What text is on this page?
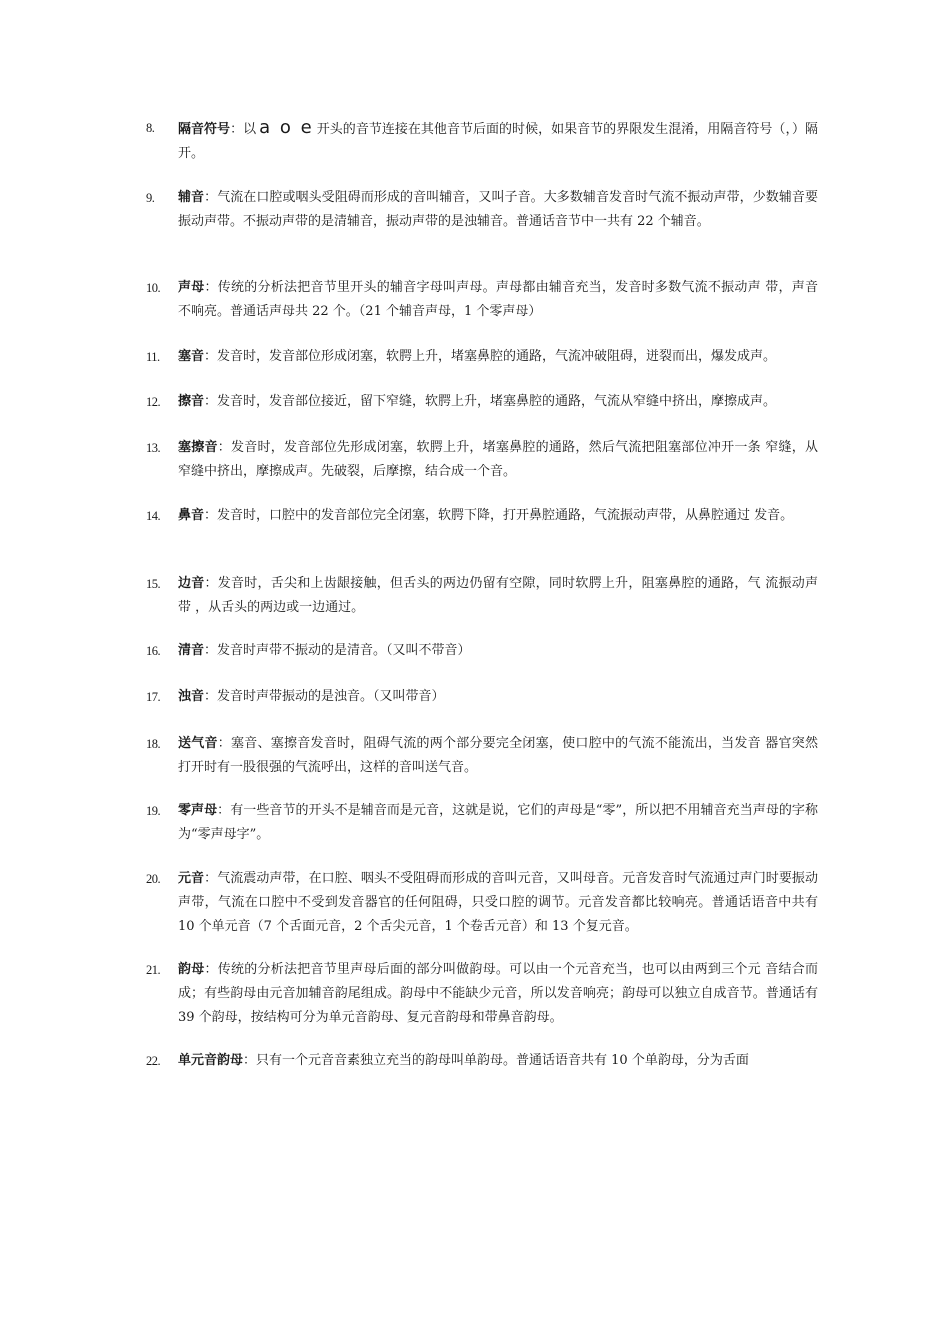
8.	隔音符号：以 a o e 开头的音节连接在其他音节后面的时候，如果音节的界限发生混淆，用隔音符号（，）隔开。
9.	辅音：气流在口腔或咽头受阻碍而形成的音叫辅音，又叫子音。大多数辅音发音时气流不振动声带，少数辅音要振动声带。不振动声带的是清辅音，振动声带的是浊辅音。普通话音节中一共有 22 个辅音。
10.	声母：传统的分析法把音节里开头的辅音字母叫声母。声母都由辅音充当，发音时多数气流不振动声 带，声音不响亮。普通话声母共 22 个。（21 个辅音声母，1 个零声母）
11.	塞音：发音时，发音部位形成闭塞，软腭上升，堵塞鼻腔的通路，气流冲破阻碍，迸裂而出，爆发成声。
12.	擦音：发音时，发音部位接近，留下窄缝，软腭上升，堵塞鼻腔的通路，气流从窄缝中挤出，摩擦成声。
13.	塞擦音：发音时，发音部位先形成闭塞，软腭上升，堵塞鼻腔的通路，然后气流把阻塞部位冲开一条 窄缝，从窄缝中挤出，摩擦成声。先破裂，后摩擦，结合成一个音。
14.	鼻音：发音时，口腔中的发音部位完全闭塞，软腭下降，打开鼻腔通路，气流振动声带，从鼻腔通过 发音。
15.	边音：发音时，舌尖和上齿龈接触，但舌头的两边仍留有空隙，同时软腭上升，阻塞鼻腔的通路，气 流振动声带 ，从舌头的两边或一边通过。
16.	清音：发音时声带不振动的是清音。（又叫不带音）
17.	浊音：发音时声带振动的是浊音。（又叫带音）
18.	送气音：塞音、塞擦音发音时，阻碍气流的两个部分要完全闭塞，使口腔中的气流不能流出，当发音 器官突然打开时有一股很强的气流呼出，这样的音叫送气音。
19.	零声母：有一些音节的开头不是辅音而是元音，这就是说，它们的声母是“零”，所以把不用辅音充当声母的字称为“零声母字”。
20.	元音：气流震动声带，在口腔、咽头不受阻碍而形成的音叫元音，又叫母音。元音发音时气流通过声门时要振动声带，气流在口腔中不受到发音器官的任何阻碍，只受口腔的调节。元音发音都比较响亮。普通话语音中共有 10 个单元音（7 个舌面元音，2 个舌尖元音，1 个卷舌元音）和 13 个复元音。
21.	韵母：传统的分析法把音节里声母后面的部分叫做韵母。可以由一个元音充当，也可以由两到三个元 音结合而成；有些韵母由元音加辅音韵尾组成。韵母中不能缺少元音，所以发音响亮；韵母可以独立自成音节。普通话有 39 个韵母，按结构可分为单元音韵母、复元音韵母和带鼻音韵母。
22.	单元音韵母：只有一个元音音素独立充当的韵母叫单韵母。普通话语音共有 10 个单韵母，分为舌面
